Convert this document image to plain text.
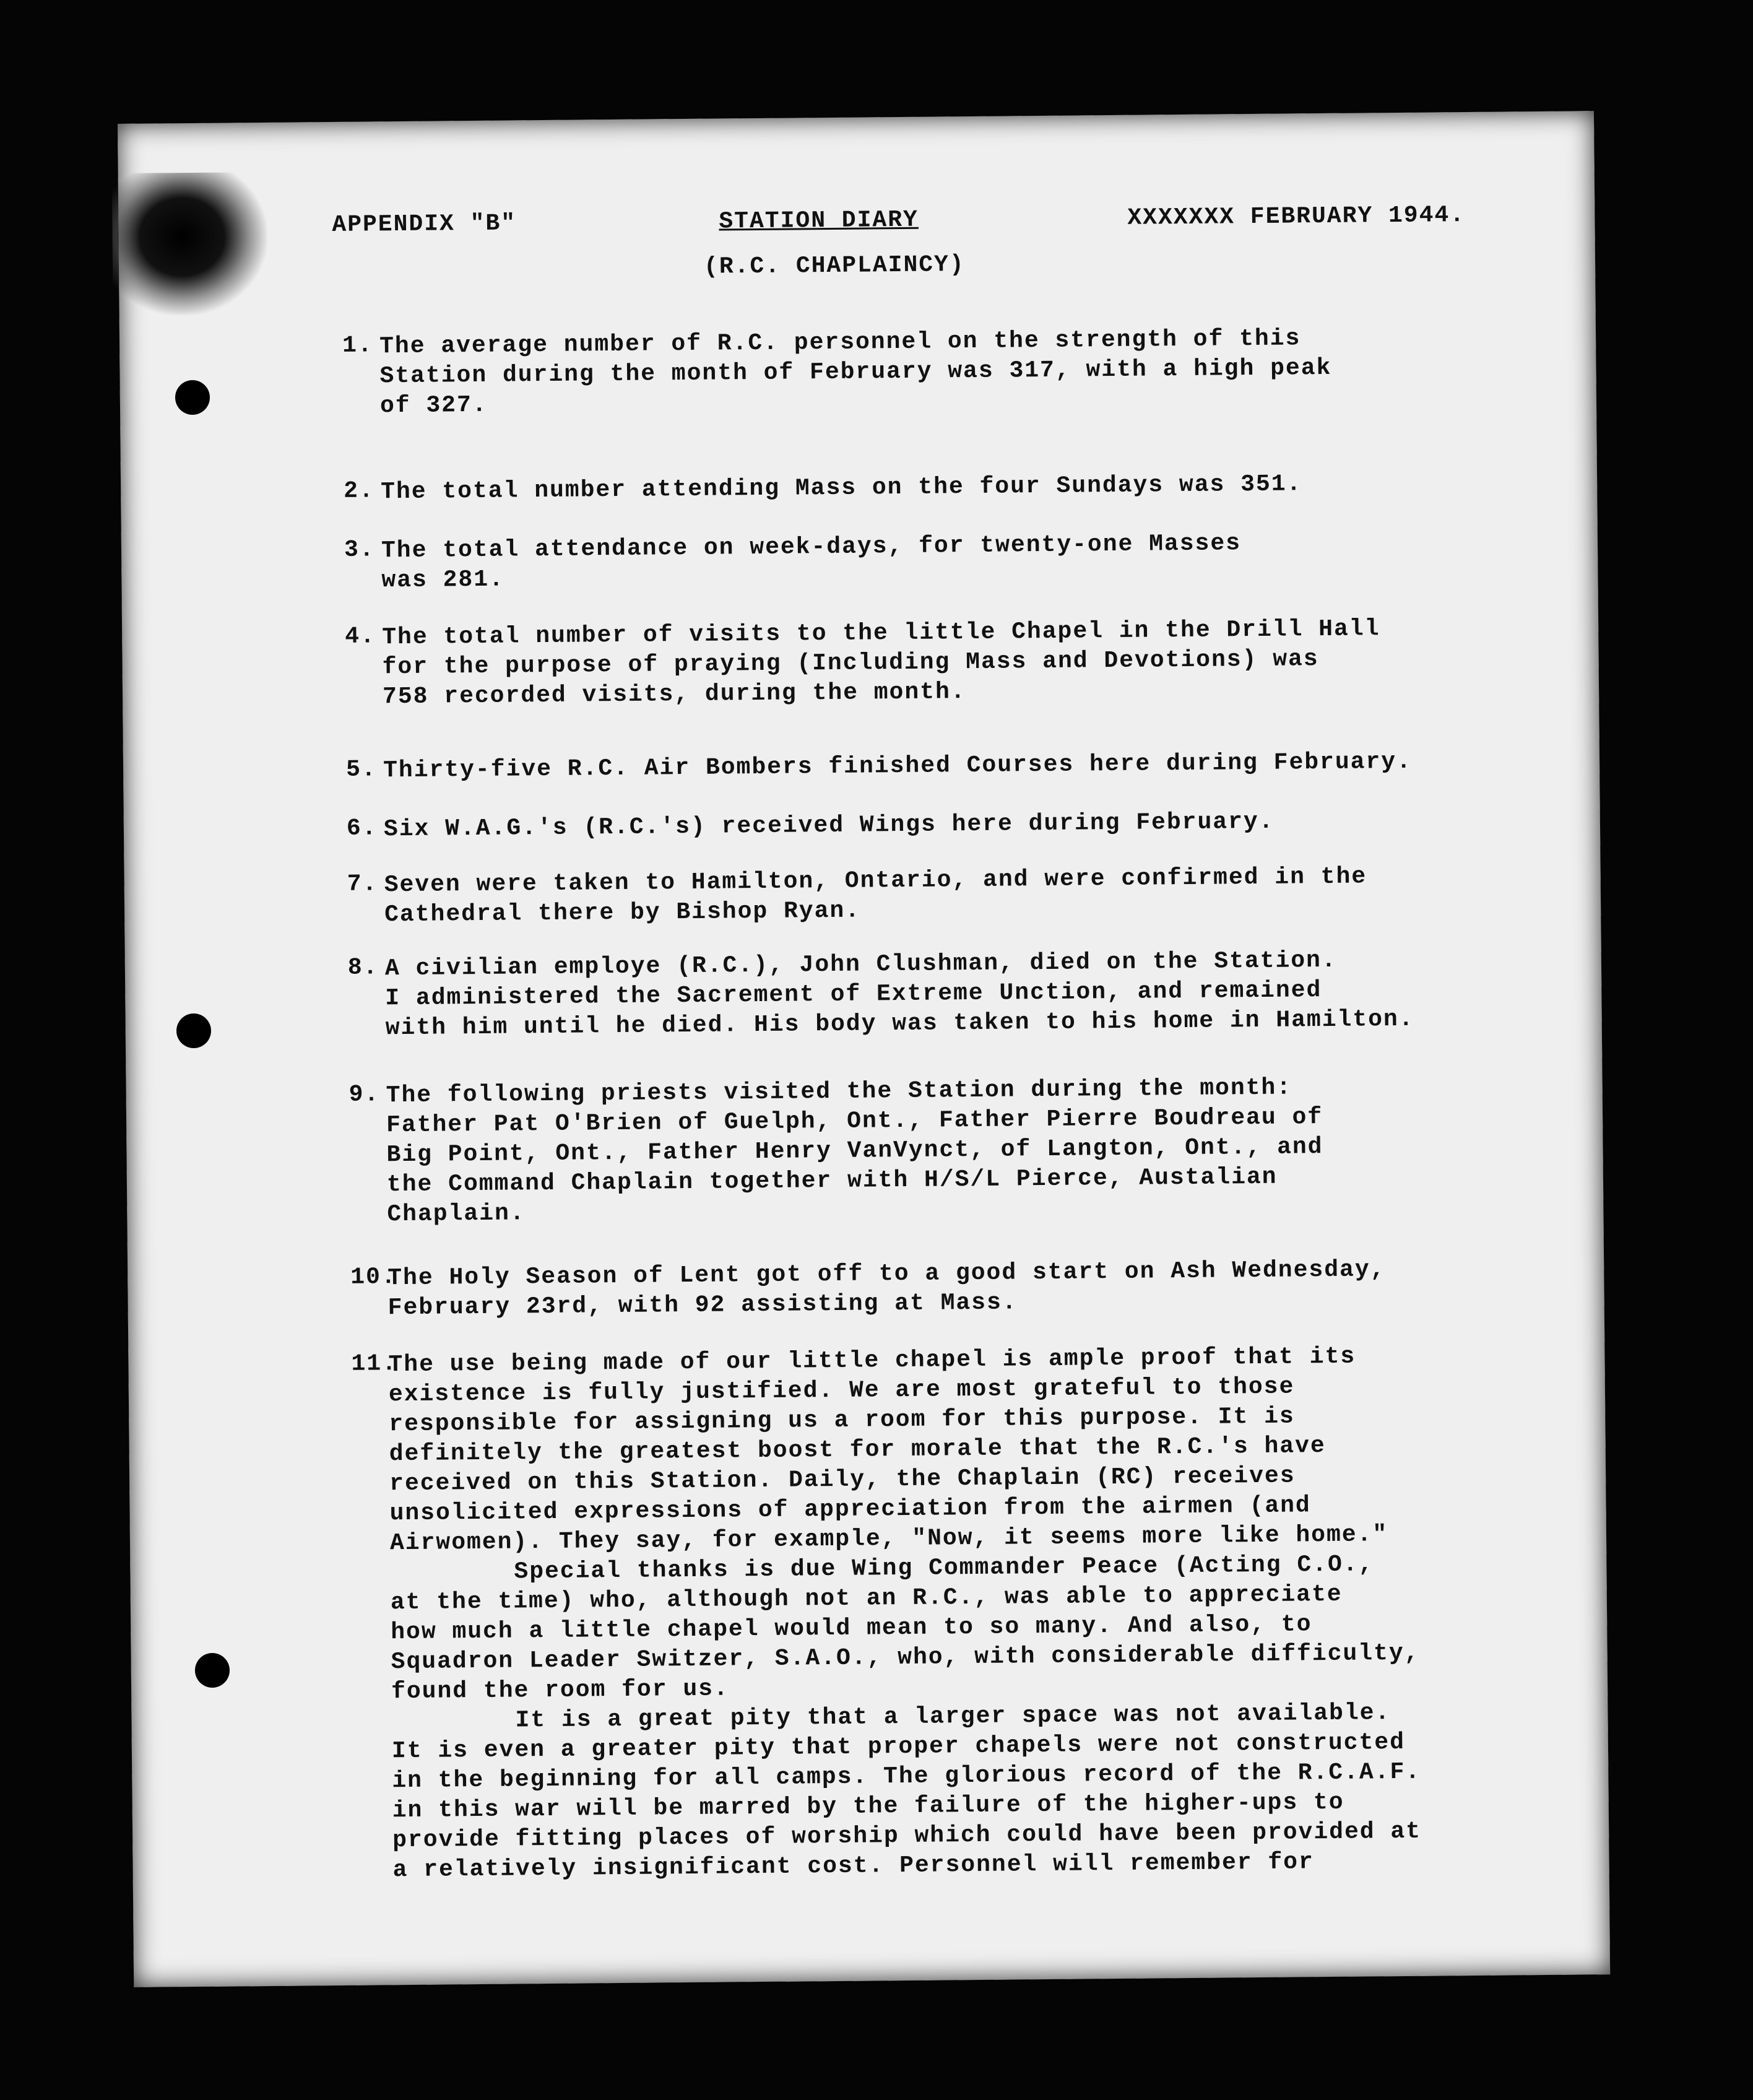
APPENDIX "B"	STATION DIARY	XXXXXXX FEBRUARY 1944.
(R.C. CHAPLAINCY)
1. The average number of R.C. personnel on the strength of this
Station during the month of February was 317, with a high peak
of 327.
2. The total number attending Mass on the four Sundays was 351.
3. The total attendance on week-days, for twenty-one Masses
was 281.
4. The total number of visits to the little Chapel in the Drill Hall
for the purpose of praying (Including Mass and Devotions) was
758 recorded visits, during the month.
5. Thirty-five R.C. Air Bombers finished Courses here during February.
6. Six W.A.G.'s (R.C.'s) received Wings here during February.
7. Seven were taken to Hamilton, Ontario, and were confirmed in the
Cathedral there by Bishop Ryan.
8. A civilian employe (R.C.), John Clushman, died on the Station.
I administered the Sacrement of Extreme Unction, and remained
with him until he died. His body was taken to his home in Hamilton.
9. The following priests visited the Station during the month:
Father Pat O'Brien of Guelph, Ont., Father Pierre Boudreau of
Big Point, Ont., Father Henry VanVynct, of Langton, Ont., and
the Command Chaplain together with H/S/L Pierce, Austalian
Chaplain.
10.
The Holy Season of Lent got off to a good start on Ash Wednesday,
February 23rd, with 92 assisting at Mass.
11.
The use being made of our little chapel is ample proof that its
existence is fully justified. We are most grateful to those
responsible for assigning us a room for this purpose. It is
definitely the greatest boost for morale that the R.C.'s have
received on this Station. Daily, the Chaplain (RC) receives
unsolicited expressions of appreciation from the airmen (and
Airwomen). They say, for example, "Now, it seems more like home."
Special thanks is due Wing Commander Peace (Acting C.O.,
at the time) who, although not an R.C., was able to appreciate
how much a little chapel would mean to so many. And also, to
Squadron Leader Switzer, S.A.O., who, with considerable difficulty,
found the room for us.
It is a great pity that a larger space was not available.
It is even a greater pity that proper chapels were not constructed
in the beginning for all camps. The glorious record of the R.C.A.F.
in this war will be marred by the failure of the higher-ups to
provide fitting places of worship which could have been provided at
a relatively insignificant cost. Personnel will remember for
